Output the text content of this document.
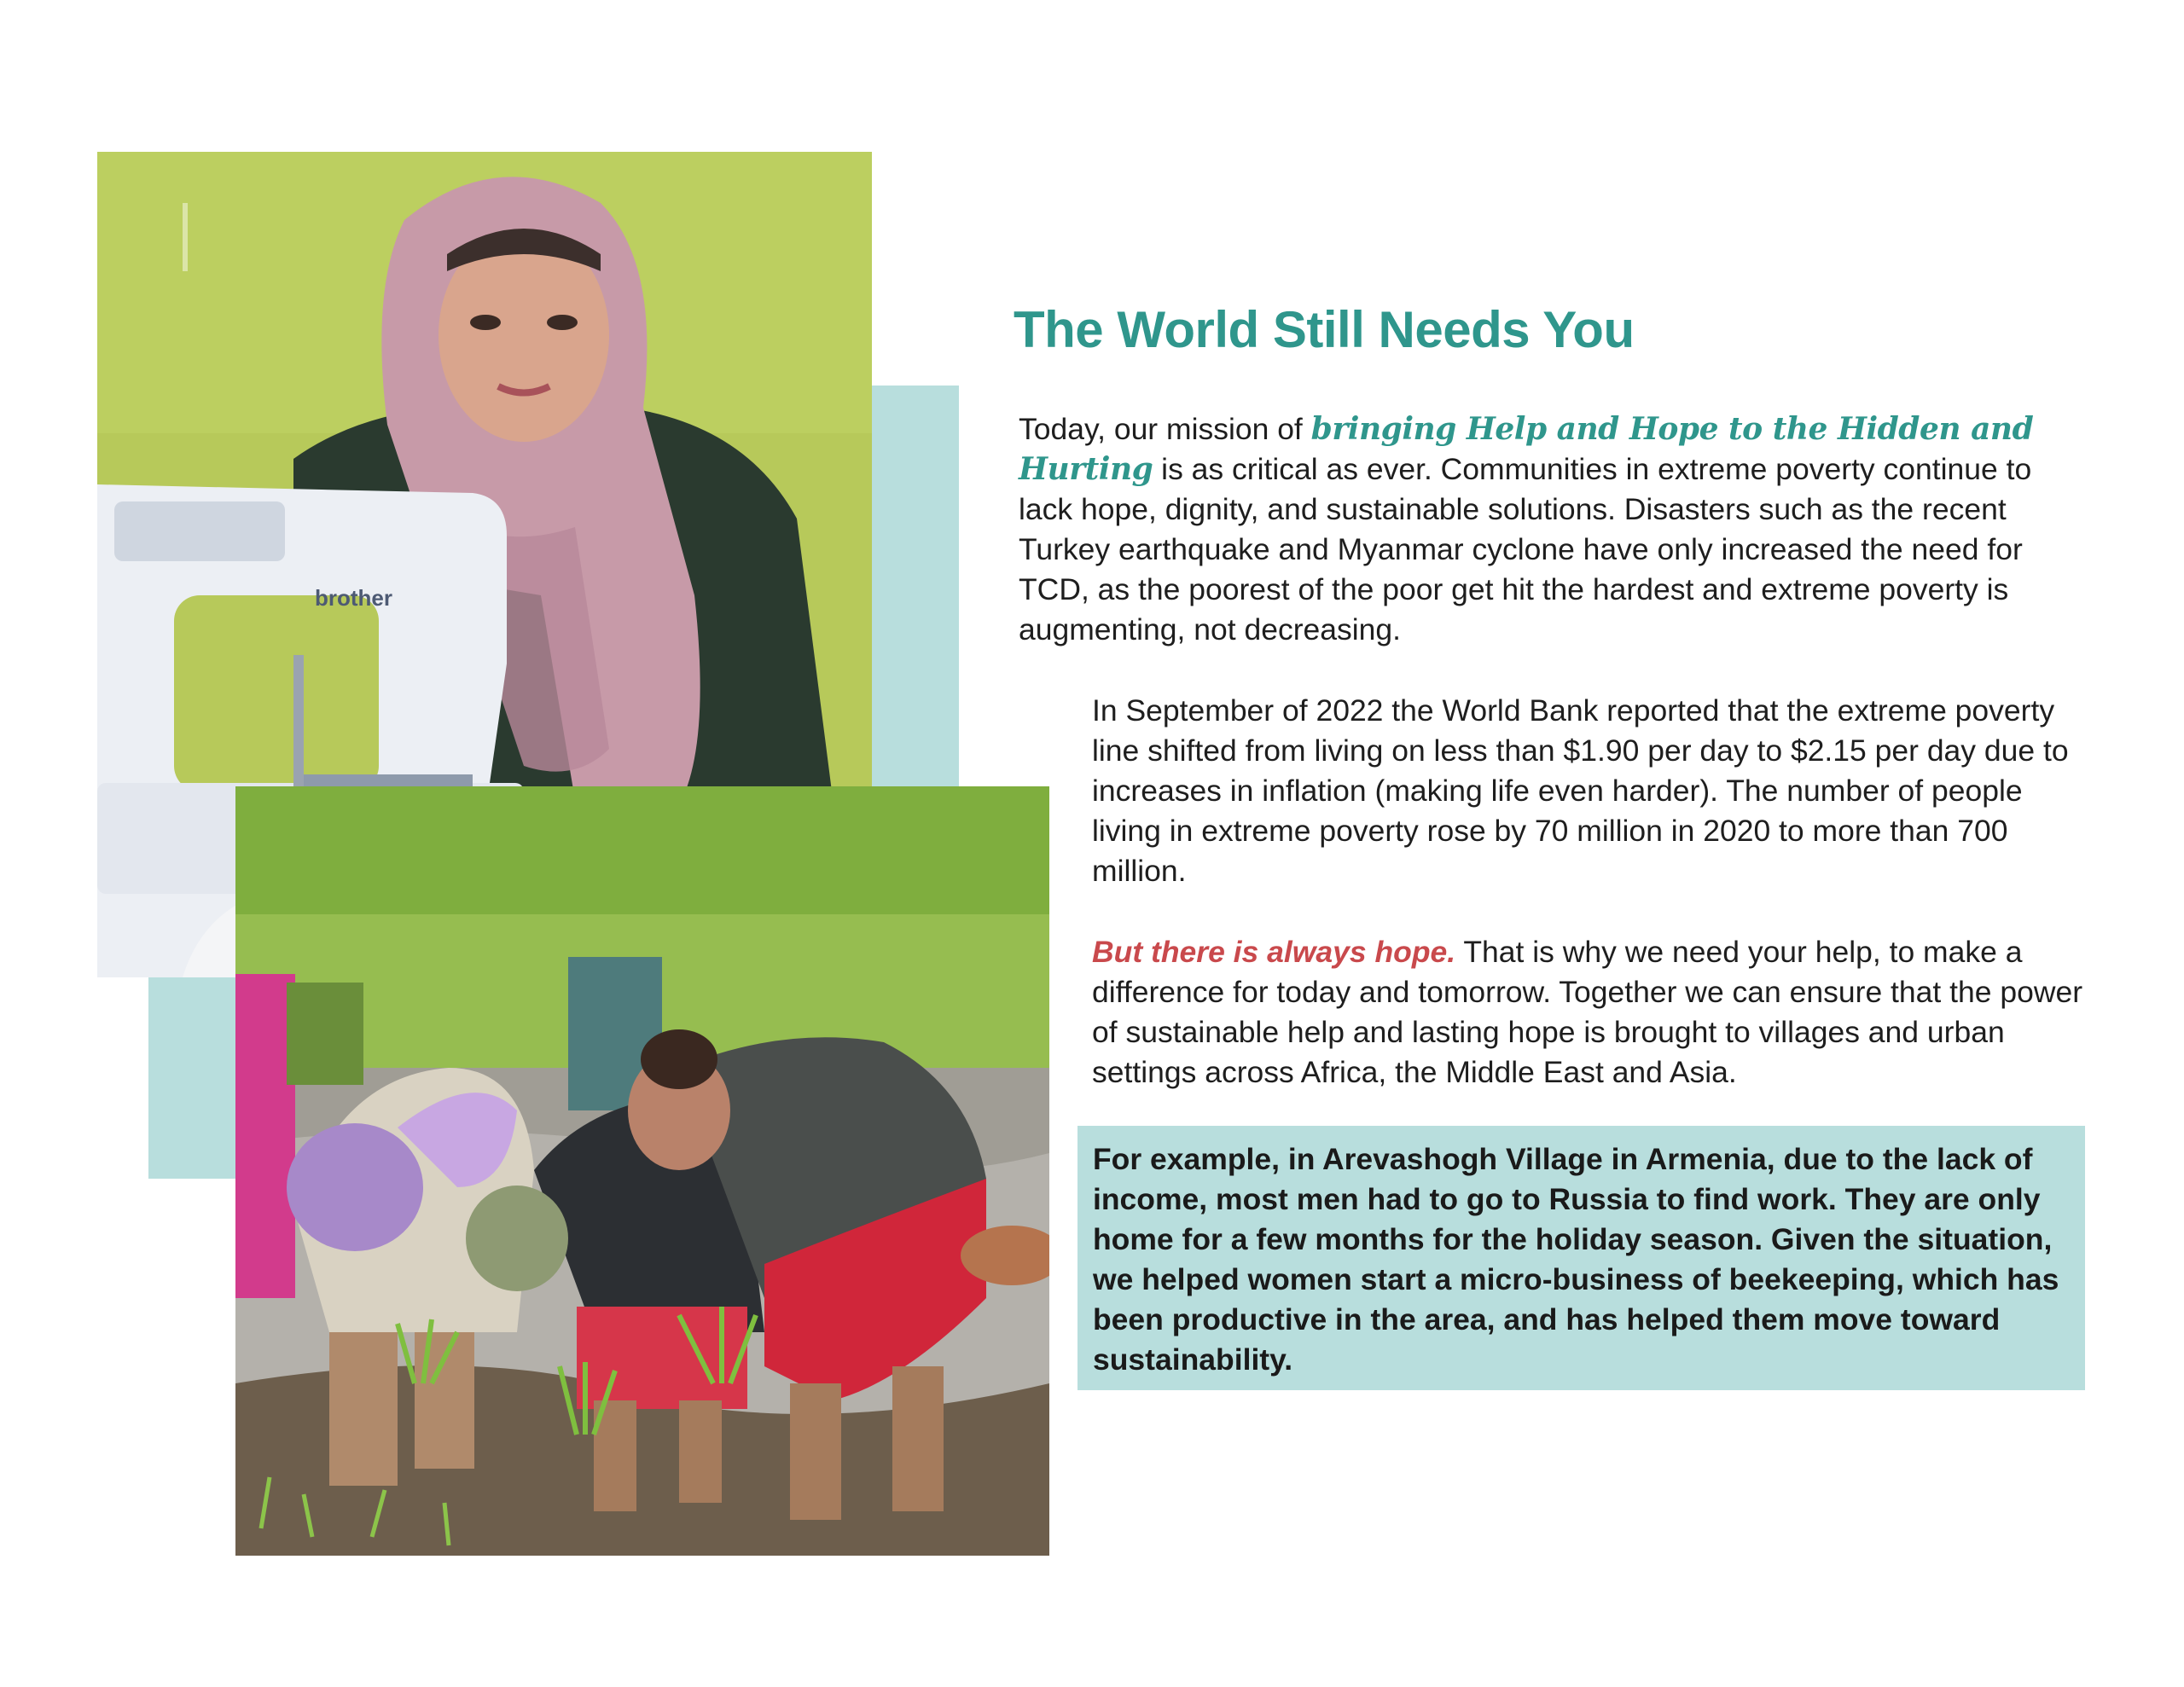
brother
The World Still Needs You

Today, our mission of bringing Help and Hope to the Hidden and Hurting is as critical as ever. Communities in extreme poverty continue to lack hope, dignity, and sustainable solutions. Disasters such as the recent Turkey earthquake and Myanmar cyclone have only increased the need for TCD, as the poorest of the poor get hit the hardest and extreme poverty is augmenting, not decreasing.

In September of 2022 the World Bank reported that the extreme poverty line shifted from living on less than $1.90 per day to $2.15 per day due to increases in inflation (making life even harder). The number of people living in extreme poverty rose by 70 million in 2020 to more than 700 million.

But there is always hope. That is why we need your help, to make a difference for today and tomorrow. Together we can ensure that the power of sustainable help and lasting hope is brought to villages and urban settings across Africa, the Middle East and Asia.

For example, in Arevashogh Village in Armenia, due to the lack of income, most men had to go to Russia to find work. They are only home for a few months for the holiday season. Given the situation, we helped women start a micro-business of beekeeping, which has been productive in the area, and has helped them move toward sustainability.
